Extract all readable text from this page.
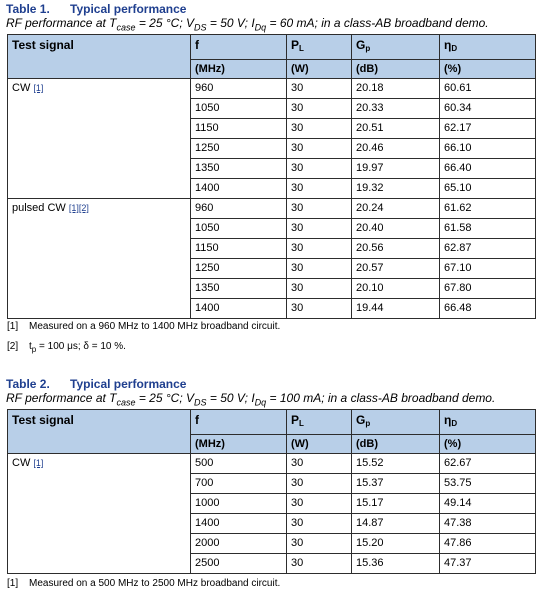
Table 1. Typical performance
RF performance at $T_{case} = 25$ °C; $V_{DS} = 50$ V; $I_{Dq} = 60$ mA; in a class-AB broadband demo.
Test signal	f	PL	Gp	ηD
	(MHz)	(W)	(dB)	(%)
CW [1]	960	30	20.18	60.61
	1050	30	20.33	60.34
	1150	30	20.51	62.17
	1250	30	20.46	66.10
	1350	30	19.97	66.40
	1400	30	19.32	65.10
pulsed CW [1][2]	960	30	20.24	61.62
	1050	30	20.40	61.58
	1150	30	20.56	62.87
	1250	30	20.57	67.10
	1350	30	20.10	67.80
	1400	30	19.44	66.48
[1] Measured on a 960 MHz to 1400 MHz broadband circuit.
[2] $t_p = 100$ μs; δ = 10 %.
Table 2. Typical performance
RF performance at $T_{case} = 25$ °C; $V_{DS} = 50$ V; $I_{Dq} = 100$ mA; in a class-AB broadband demo.
Test signal	f	PL	Gp	ηD
	(MHz)	(W)	(dB)	(%)
CW [1]	500	30	15.52	62.67
	700	30	15.37	53.75
	1000	30	15.17	49.14
	1400	30	14.87	47.38
	2000	30	15.20	47.86
	2500	30	15.36	47.37
[1] Measured on a 500 MHz to 2500 MHz broadband circuit.
